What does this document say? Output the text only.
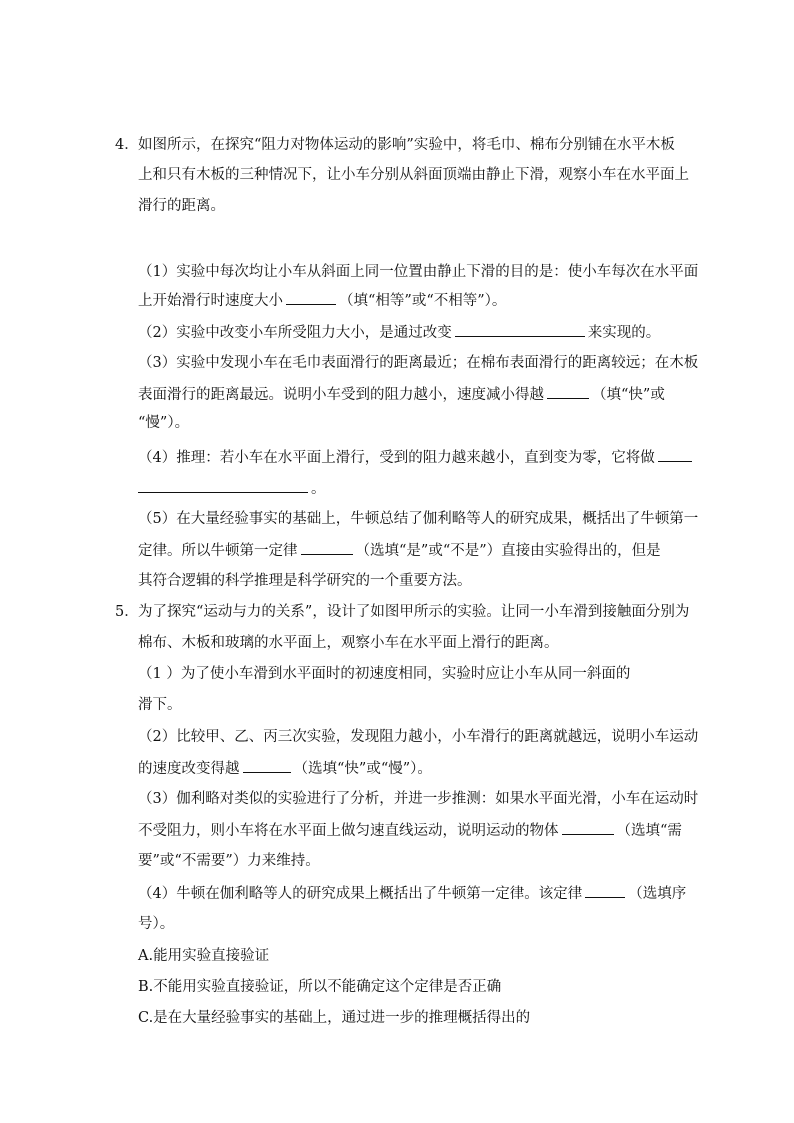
4． 如图所示，在探究“阻力对物体运动的影响”实验中，将毛巾、棉布分别铺在水平木板
上和只有木板的三种情况下，让小车分别从斜面顶端由静止下滑，观察小车在水平面上
滑行的距离。
（1）实验中每次均让小车从斜面上同一位置由静止下滑的目的是：使小车每次在水平面
上开始滑行时速度大小	（填“相等”或“不相等”）。
（2）实验中改变小车所受阻力大小，是通过改变	来实现的。
（3）实验中发现小车在毛巾表面滑行的距离最近；在棉布表面滑行的距离较远；在木板
表面滑行的距离最远。说明小车受到的阻力越小，速度减小得越	（填“快”或
“慢”）。
（4）推理：若小车在水平面上滑行，受到的阻力越来越小，直到变为零，它将做
。
（5）在大量经验事实的基础上，牛顿总结了伽利略等人的研究成果，概括出了牛顿第一
定律。所以牛顿第一定律	（选填“是”或“不是”）直接由实验得出的，但是
其符合逻辑的科学推理是科学研究的一个重要方法。
5． 为了探究“运动与力的关系”，设计了如图甲所示的实验。让同一小车滑到接触面分别为
棉布、木板和玻璃的水平面上，观察小车在水平面上滑行的距离。
（1 ）为了使小车滑到水平面时的初速度相同，实验时应让小车从同一斜面的
滑下。
（2）比较甲、乙、丙三次实验，发现阻力越小，小车滑行的距离就越远，说明小车运动
的速度改变得越	（选填“快”或“慢”）。
（3）伽利略对类似的实验进行了分析，并进一步推测：如果水平面光滑，小车在运动时
不受阻力，则小车将在水平面上做匀速直线运动，说明运动的物体	（选填“需
要”或“不需要”）力来维持。
（4）牛顿在伽利略等人的研究成果上概括出了牛顿第一定律。该定律	（选填序
号）。
A.能用实验直接验证
B.不能用实验直接验证，所以不能确定这个定律是否正确
C.是在大量经验事实的基础上，通过进一步的推理概括得出的
